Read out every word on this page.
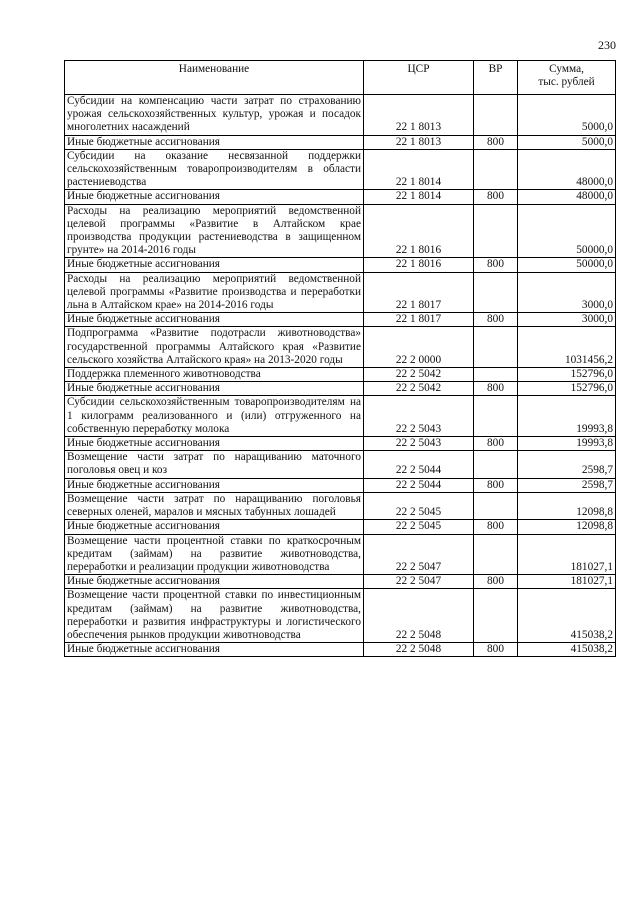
230
Наименование	ЦСР	ВР	Сумма,
тыс. рублей
Субсидии на компенсацию части затрат по страхованию урожая сельскохозяйственных культур, урожая и посадок многолетних насаждений	22 1 8013		5000,0
Иные бюджетные ассигнования	22 1 8013	800	5000,0
Субсидии на оказание несвязанной поддержки сельскохозяйственным товаропроизводителям в области растениеводства	22 1 8014		48000,0
Иные бюджетные ассигнования	22 1 8014	800	48000,0
Расходы на реализацию мероприятий ведомственной целевой программы «Развитие в Алтайском крае производства продукции растениеводства в защищенном грунте» на 2014-2016 годы	22 1 8016		50000,0
Иные бюджетные ассигнования	22 1 8016	800	50000,0
Расходы на реализацию мероприятий ведомственной целевой программы «Развитие производства и переработки льна в Алтайском крае» на 2014-2016 годы	22 1 8017		3000,0
Иные бюджетные ассигнования	22 1 8017	800	3000,0
Подпрограмма «Развитие подотрасли животноводства» государственной программы Алтайского края «Развитие сельского хозяйства Алтайского края» на 2013-2020 годы	22 2 0000		1031456,2
Поддержка племенного животноводства	22 2 5042		152796,0
Иные бюджетные ассигнования	22 2 5042	800	152796,0
Субсидии сельскохозяйственным товаропроизводителям на 1 килограмм реализованного и (или) отгруженного на собственную переработку молока	22 2 5043		19993,8
Иные бюджетные ассигнования	22 2 5043	800	19993,8
Возмещение части затрат по наращиванию маточного поголовья овец и коз	22 2 5044		2598,7
Иные бюджетные ассигнования	22 2 5044	800	2598,7
Возмещение части затрат по наращиванию поголовья северных оленей, маралов и мясных табунных лошадей	22 2 5045		12098,8
Иные бюджетные ассигнования	22 2 5045	800	12098,8
Возмещение части процентной ставки по краткосрочным кредитам (займам) на развитие животноводства, переработки и реализации продукции животноводства	22 2 5047		181027,1
Иные бюджетные ассигнования	22 2 5047	800	181027,1
Возмещение части процентной ставки по инвестиционным кредитам (займам) на развитие животноводства, переработки и развития инфраструктуры и логистического обеспечения рынков продукции животноводства	22 2 5048		415038,2
Иные бюджетные ассигнования	22 2 5048	800	415038,2
